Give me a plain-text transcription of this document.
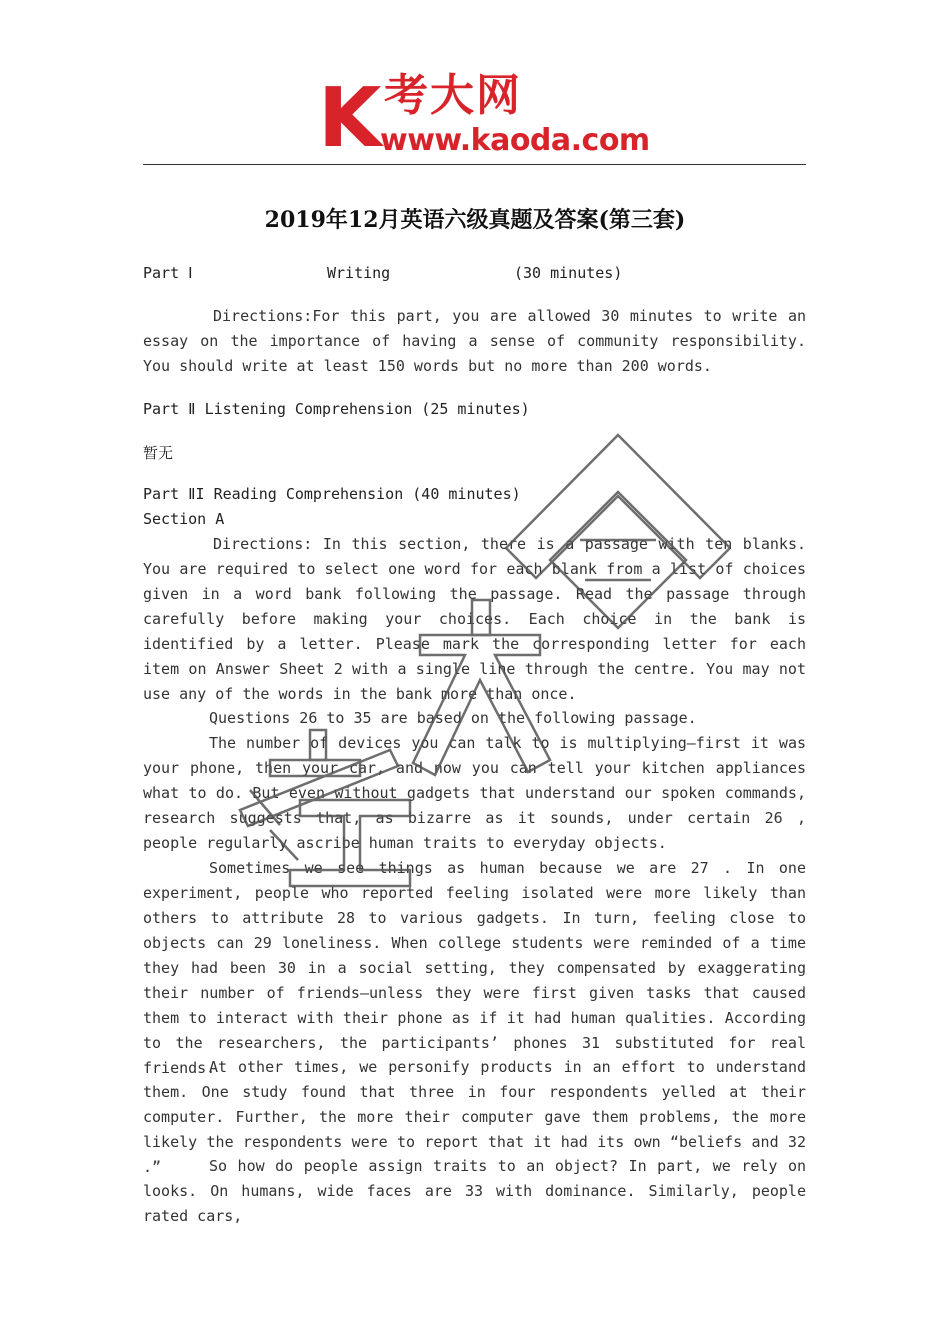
K 考大网
www.kaoda.com
2019年12月英语六级真题及答案(第三套)
Part Ⅰ	Writing	(30 minutes)
Directions:For this part, you are allowed 30 minutes to write an essay on the importance of having a sense of community responsibility. You should write at least 150 words but no more than 200 words.
Part Ⅱ Listening Comprehension (25 minutes)
暂无
Part ⅡI Reading Comprehension (40 minutes)
Section A
Directions: In this section, there is a passage with ten blanks. You are required to select one word for each blank from a list of choices given in a word bank following the passage. Read the passage through carefully before making your choices. Each choice in the bank is identified by a letter. Please mark the corresponding letter for each item on Answer Sheet 2 with a single line through the centre. You may not use any of the words in the bank more than once.
Questions 26 to 35 are based on the following passage.
The number of devices you can talk to is multiplying—first it was your phone, then your car, and now you can tell your kitchen appliances what to do. But even without gadgets that understand our spoken commands, research suggests that, as bizarre as it sounds, under certain 26 , people regularly ascribe human traits to everyday objects.
Sometimes we see things as human because we are 27 . In one experiment, people who reported feeling isolated were more likely than others to attribute 28 to various gadgets. In turn, feeling close to objects can 29 loneliness. When college students were reminded of a time they had been 30 in a social setting, they compensated by exaggerating their number of friends—unless they were first given tasks that caused them to interact with their phone as if it had human qualities. According to the researchers, the participants’ phones 31 substituted for real friends.
At other times, we personify products in an effort to understand them. One study found that three in four respondents yelled at their computer. Further, the more their computer gave them problems, the more likely the respondents were to report that it had its own “beliefs and 32 .”	So how do people assign traits to an object? In part, we rely on looks. On humans, wide faces are 33 with dominance. Similarly, people rated cars,
